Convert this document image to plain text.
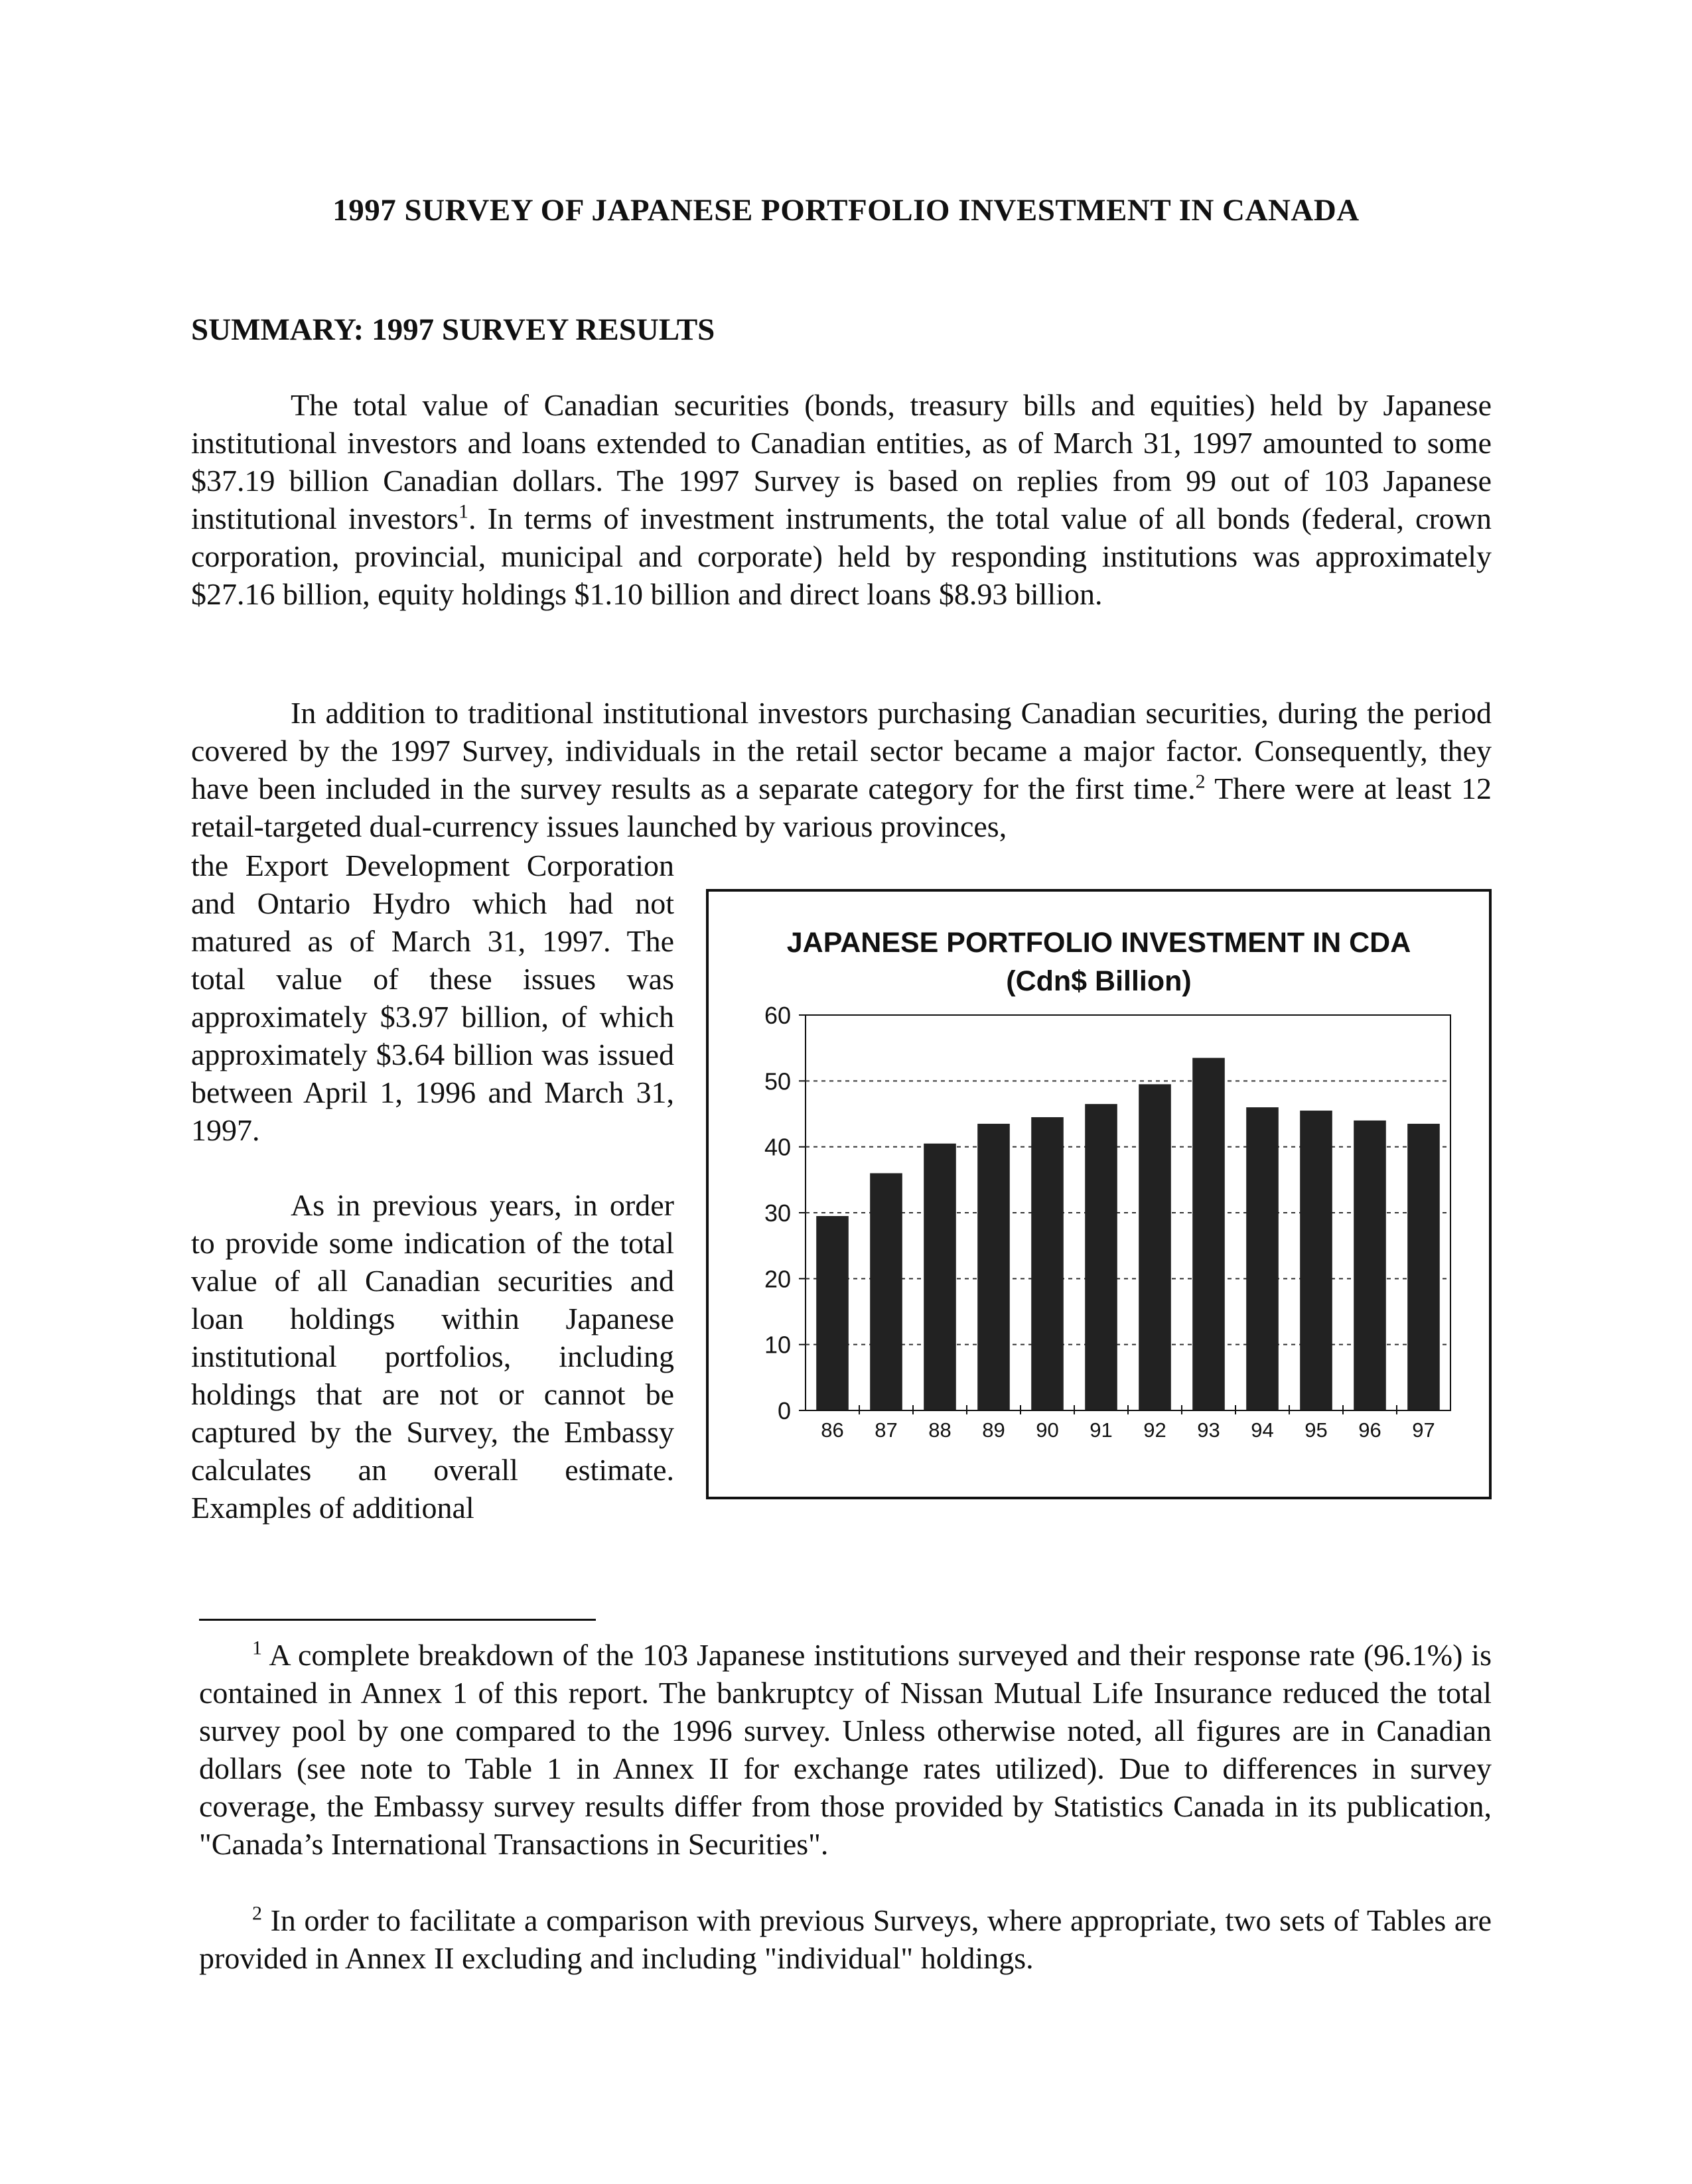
1997 SURVEY OF JAPANESE PORTFOLIO INVESTMENT IN CANADA
SUMMARY: 1997 SURVEY RESULTS

The total value of Canadian securities (bonds, treasury bills and equities) held by Japanese institutional investors and loans extended to Canadian entities, as of March 31, 1997 amounted to some $37.19 billion Canadian dollars. The 1997 Survey is based on replies from 99 out of 103 Japanese institutional investors$^1$. In terms of investment instruments, the total value of all bonds (federal, crown corporation, provincial, municipal and corporate) held by responding institutions was approximately $27.16 billion, equity holdings $1.10 billion and direct loans $8.93 billion.

In addition to traditional institutional investors purchasing Canadian securities, during the period covered by the 1997 Survey, individuals in the retail sector became a major factor. Consequently, they have been included in the survey results as a separate category for the first time.$^2$ There were at least 12 retail-targeted dual-currency issues launched by various provinces,

the Export Development Corporation and Ontario Hydro which had not matured as of March 31, 1997. The total value of these issues was approximately $3.97 billion, of which approximately $3.64 billion was issued between April 1, 1996 and March 31, 1997.

As in previous years, in order to provide some indication of the total value of all Canadian securities and loan holdings within Japanese institutional portfolios, including holdings that are not or cannot be captured by the Survey, the Embassy calculates an overall estimate. Examples of additional

JAPANESE PORTFOLIO INVESTMENT IN CDA
(Cdn$ Billion)
0
10
20
30
40
50
60
86 87 88 89 90 91 92 93 94 95 96 97

$^1$ A complete breakdown of the 103 Japanese institutions surveyed and their response rate (96.1%) is contained in Annex 1 of this report. The bankruptcy of Nissan Mutual Life Insurance reduced the total survey pool by one compared to the 1996 survey. Unless otherwise noted, all figures are in Canadian dollars (see note to Table 1 in Annex II for exchange rates utilized). Due to differences in survey coverage, the Embassy survey results differ from those provided by Statistics Canada in its publication, "Canada’s International Transactions in Securities".

$^2$ In order to facilitate a comparison with previous Surveys, where appropriate, two sets of Tables are provided in Annex II excluding and including "individual" holdings.
